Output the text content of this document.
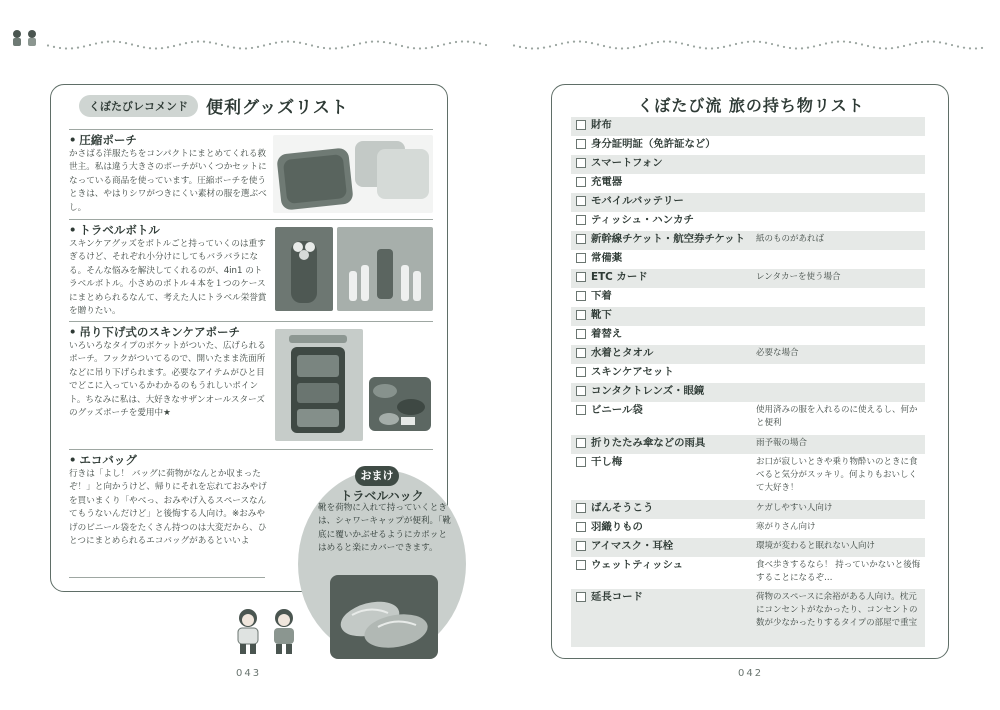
くぼたびレコメンド	便利グッズリスト
• 圧縮ポーチ
かさばる洋服たちをコンパクトにまとめてくれる救世主。私は違う大きさのポーチがいくつかセットになっている商品を使っています。圧縮ポーチを使うときは、やはりシワがつきにくい素材の服を選ぶべし。
• トラベルボトル
スキンケアグッズをボトルごと持っていくのは重すぎるけど、それぞれ小分けにしてもバラバラになる。そんな悩みを解決してくれるのが、4in1 のトラベルボトル。小さめのボトル４本を１つのケースにまとめられるなんて、考えた人にトラベル栄誉賞を贈りたい。
• 吊り下げ式のスキンケアポーチ
いろいろなタイプのポケットがついた、広げられるポーチ。フックがついてるので、開いたまま洗面所などに吊り下げられます。必要なアイテムがひと目でどこに入っているかわかるのもうれしいポイント。ちなみに私は、大好きなサザンオールスターズのグッズポーチを愛用中★
• エコバッグ
行きは「よし！ バッグに荷物がなんとか収まったぞ！」と向かうけど、帰りにそれを忘れておみやげを買いまくり「やべっ、おみやげ入るスペースなんてもうないんだけど」と後悔する人向け。※おみやげのビニール袋をたくさん持つのは大変だから、ひとつにまとめられるエコバッグがあるといいよ
おまけ
トラベルハック
靴を荷物に入れて持っていくときは、シャワーキャップが便利。「靴底に覆いかぶせるようにカポッとはめると楽にカバーできます。
043
くぼたび流 旅の持ち物リスト
財布
身分証明証（免許証など）
スマートフォン
充電器
モバイルバッテリー
ティッシュ・ハンカチ
新幹線チケット・航空券チケット	紙のものがあれば
常備薬
ETC カード	レンタカーを使う場合
下着
靴下
着替え
水着とタオル	必要な場合
スキンケアセット
コンタクトレンズ・眼鏡
ビニール袋	使用済みの服を入れるのに使えるし、何かと便利
折りたたみ傘などの雨具	雨予報の場合
干し梅	お口が寂しいときや乗り物酔いのときに食べると気分がスッキリ。何よりもおいしくて大好き！
ばんそうこう	ケガしやすい人向け
羽織りもの	寒がりさん向け
アイマスク・耳栓	環境が変わると眠れない人向け
ウェットティッシュ	食べ歩きするなら！ 持っていかないと後悔することになるぞ…
延長コード	荷物のスペースに余裕がある人向け。枕元にコンセントがなかったり、コンセントの数が少なかったりするタイプの部屋で重宝
042
